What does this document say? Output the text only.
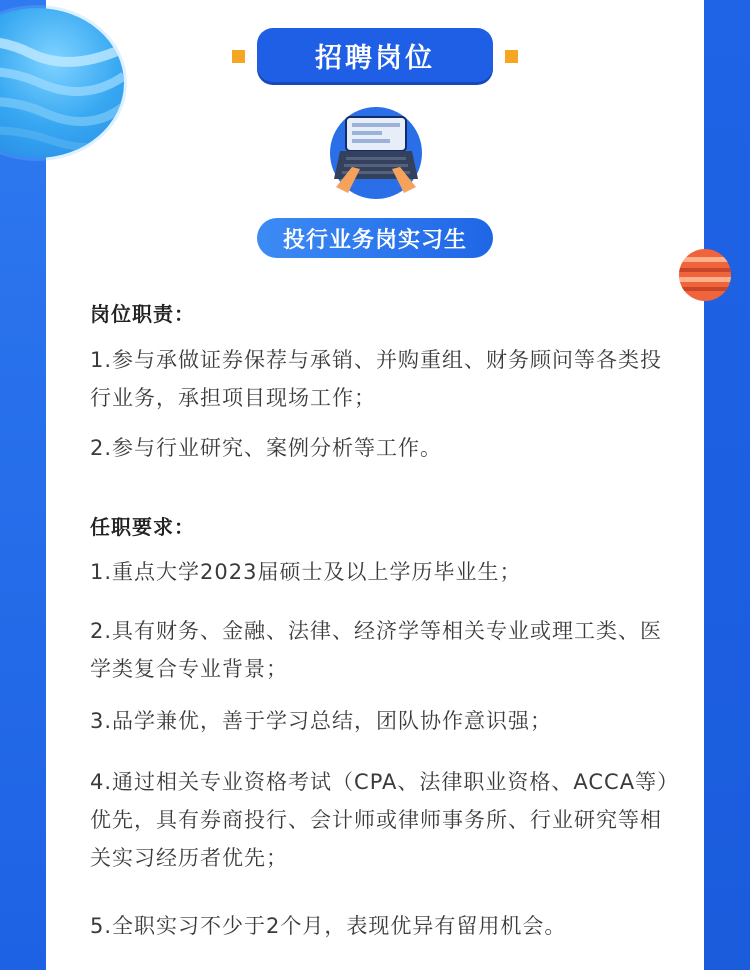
招聘岗位
投行业务岗实习生
岗位职责：
1.参与承做证券保荐与承销、并购重组、财务顾问等各类投行业务，承担项目现场工作；
2.参与行业研究、案例分析等工作。
任职要求：
1.重点大学2023届硕士及以上学历毕业生；
2.具有财务、金融、法律、经济学等相关专业或理工类、医学类复合专业背景；
3.品学兼优，善于学习总结，团队协作意识强；
4.通过相关专业资格考试（CPA、法律职业资格、ACCA等）优先，具有券商投行、会计师或律师事务所、行业研究等相关实习经历者优先；
5.全职实习不少于2个月，表现优异有留用机会。
